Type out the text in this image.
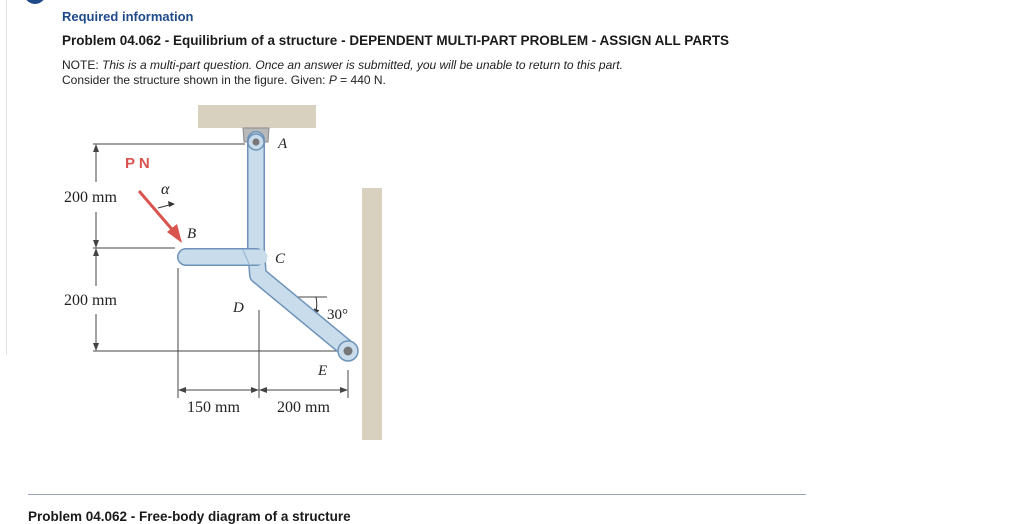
Required information
Problem 04.062 - Equilibrium of a structure - DEPENDENT MULTI-PART PROBLEM - ASSIGN ALL PARTS
NOTE: This is a multi-part question. Once an answer is submitted, you will be unable to return to this part.
Consider the structure shown in the figure. Given: P = 440 N.
P N
α
200 mm
200 mm
150 mm 200 mm
30°
A
B
C
D
E
Problem 04.062 - Free-body diagram of a structure
